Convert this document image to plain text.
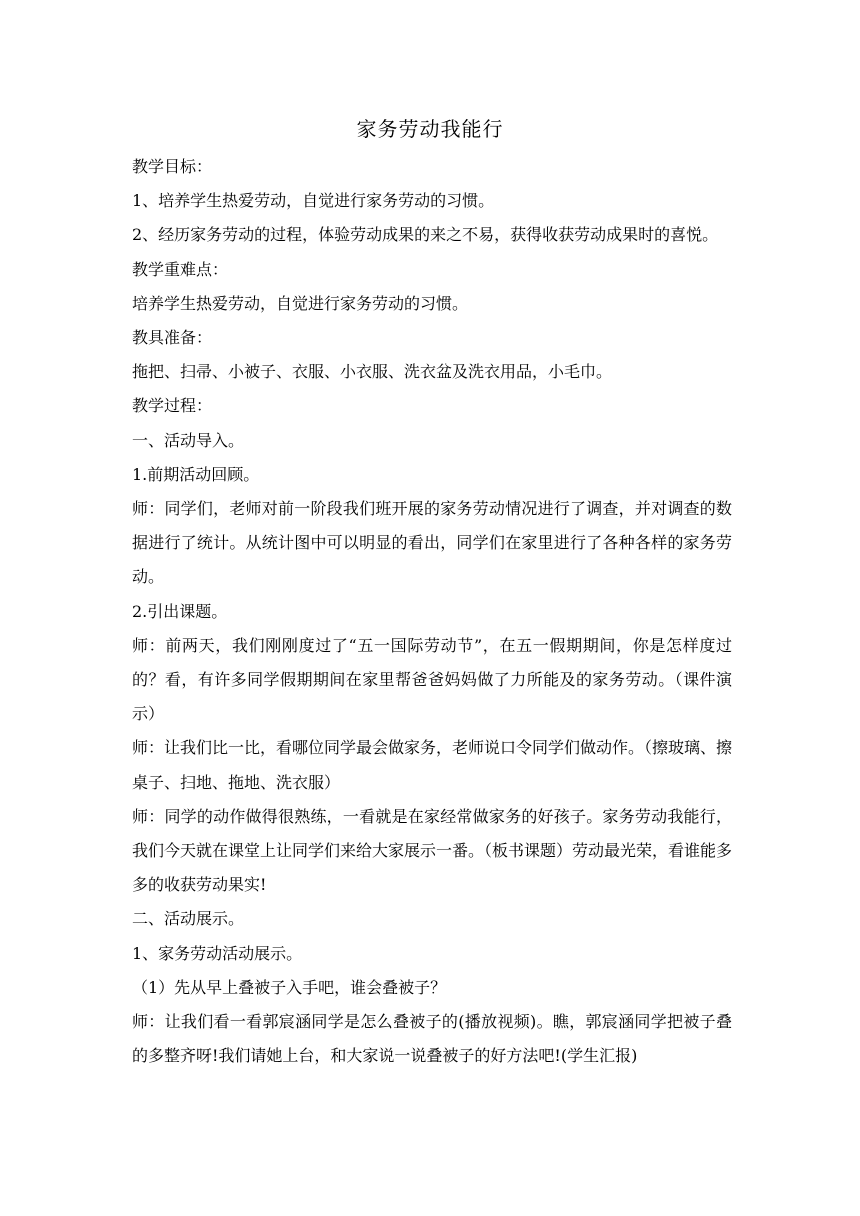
家务劳动我能行

教学目标：

1、培养学生热爱劳动，自觉进行家务劳动的习惯。

2、经历家务劳动的过程，体验劳动成果的来之不易，获得收获劳动成果时的喜悦。

教学重难点：

培养学生热爱劳动，自觉进行家务劳动的习惯。

教具准备：

拖把、扫帚、小被子、衣服、小衣服、洗衣盆及洗衣用品，小毛巾。

教学过程：

一、活动导入。

1.前期活动回顾。

师：同学们，老师对前一阶段我们班开展的家务劳动情况进行了调查，并对调查的数据进行了统计。从统计图中可以明显的看出，同学们在家里进行了各种各样的家务劳动。

2.引出课题。

师：前两天，我们刚刚度过了“五一国际劳动节”，在五一假期期间，你是怎样度过的？看，有许多同学假期期间在家里帮爸爸妈妈做了力所能及的家务劳动。（课件演示）

师：让我们比一比，看哪位同学最会做家务，老师说口令同学们做动作。（擦玻璃、擦桌子、扫地、拖地、洗衣服）

师：同学的动作做得很熟练，一看就是在家经常做家务的好孩子。家务劳动我能行，我们今天就在课堂上让同学们来给大家展示一番。（板书课题）劳动最光荣，看谁能多多的收获劳动果实!

二、活动展示。

1、家务劳动活动展示。

（1）先从早上叠被子入手吧，谁会叠被子？

师：让我们看一看郭宸涵同学是怎么叠被子的(播放视频)。瞧，郭宸涵同学把被子叠的多整齐呀!我们请她上台，和大家说一说叠被子的好方法吧!(学生汇报)
